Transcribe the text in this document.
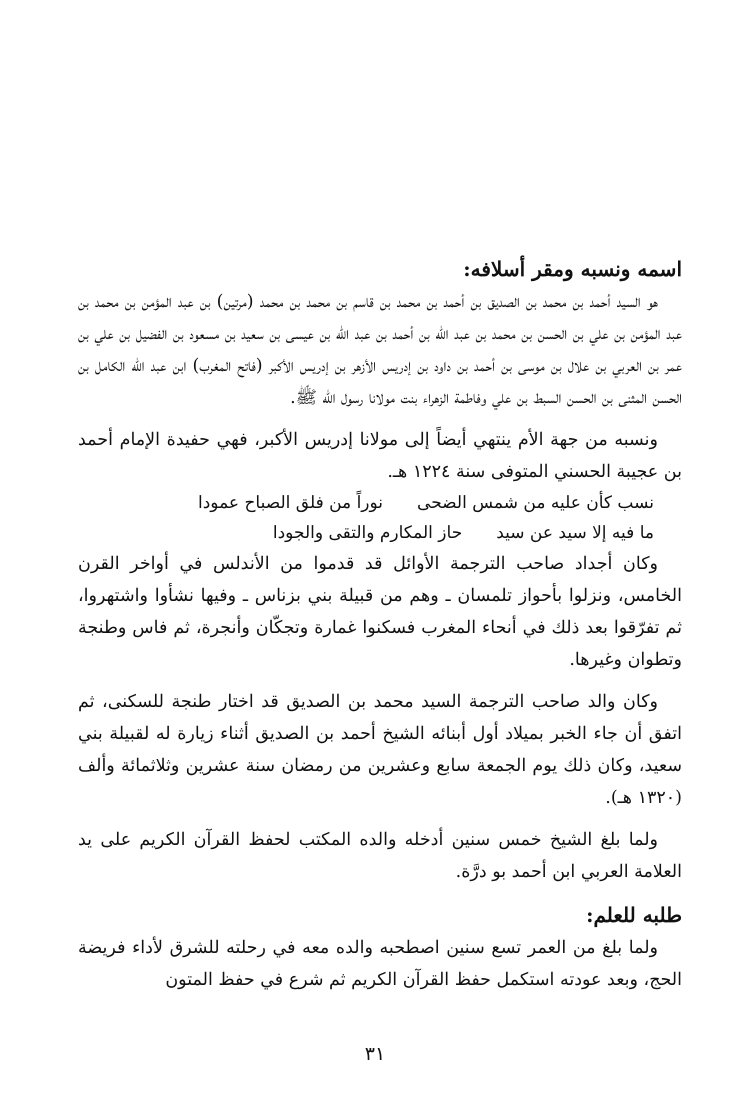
اسمه ونسبه ومقر أسلافه:

هو السيد أحمد بن محمد بن الصديق بن أحمد بن محمد بن قاسم بن محمد بن محمد (مرتين) بن عبد المؤمن بن محمد بن عبد المؤمن بن علي بن الحسن بن محمد بن عبد الله بن أحمد بن عبد الله بن عيسى بن سعيد بن مسعود بن الفضيل بن علي بن عمر بن العربي بن علال بن موسى بن أحمد بن داود بن إدريس الأزهر بن إدريس الأكبر (فاتح المغرب) ابن عبد الله الكامل بن الحسن المثنى بن الحسن السبط بن علي وفاطمة الزهراء بنت مولانا رسول الله ﷺ.

ونسبه من جهة الأم ينتهي أيضاً إلى مولانا إدريس الأكبر، فهي حفيدة الإمام أحمد بن عجيبة الحسني المتوفى سنة ١٢٢٤ هـ.

نسب كأن عليه من شمس الضحى
نوراً من فلق الصباح عمودا
ما فيه إلا سيد عن سيد
حاز المكارم والتقى والجودا

وكان أجداد صاحب الترجمة الأوائل قد قدموا من الأندلس في أواخر القرن الخامس، ونزلوا بأحواز تلمسان ـ وهم من قبيلة بني بزناس ـ وفيها نشأوا واشتهروا، ثم تفرّقوا بعد ذلك في أنحاء المغرب فسكنوا غمارة وتجكّان وأنجرة، ثم فاس وطنجة وتطوان وغيرها.

وكان والد صاحب الترجمة السيد محمد بن الصديق قد اختار طنجة للسكنى، ثم اتفق أن جاء الخبر بميلاد أول أبنائه الشيخ أحمد بن الصديق أثناء زيارة له لقبيلة بني سعيد، وكان ذلك يوم الجمعة سابع وعشرين من رمضان سنة عشرين وثلاثمائة وألف (١٣٢٠ هـ).

ولما بلغ الشيخ خمس سنين أدخله والده المكتب لحفظ القرآن الكريم على يد العلامة العربي ابن أحمد بو درَّة.

طلبه للعلم:

ولما بلغ من العمر تسع سنين اصطحبه والده معه في رحلته للشرق لأداء فريضة الحج، وبعد عودته استكمل حفظ القرآن الكريم ثم شرع في حفظ المتون

٣١
